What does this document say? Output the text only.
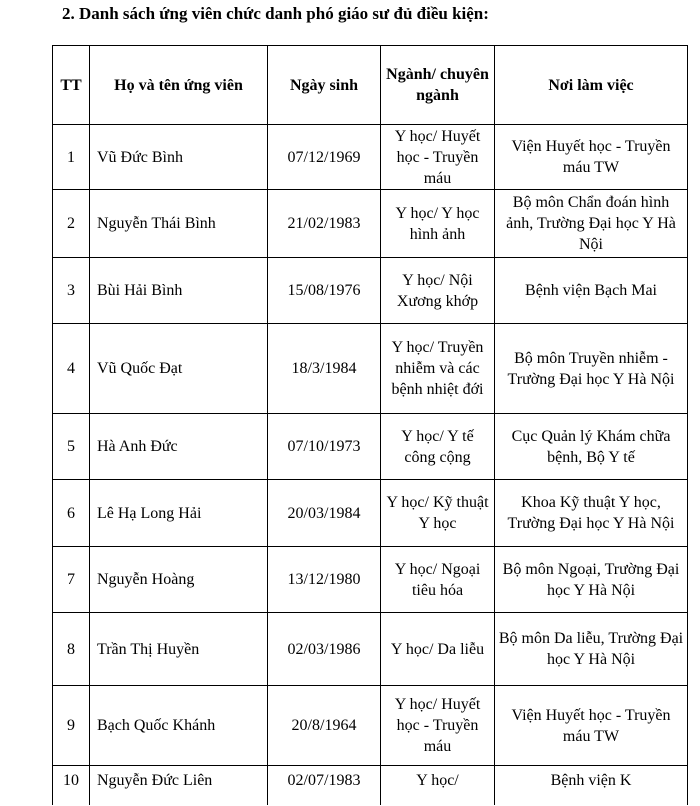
2. Danh sách ứng viên chức danh phó giáo sư đủ điều kiện:
TT	Họ và tên ứng viên	Ngày sinh	Ngành/ chuyên ngành	Nơi làm việc
1	Vũ Đức Bình	07/12/1969	Y học/ Huyết học - Truyền máu	Viện Huyết học - Truyền máu TW
2	Nguyễn Thái Bình	21/02/1983	Y học/ Y học hình ảnh	Bộ môn Chẩn đoán hình ảnh, Trường Đại học Y Hà Nội
3	Bùi Hải Bình	15/08/1976	Y học/ Nội Xương khớp	Bệnh viện Bạch Mai
4	Vũ Quốc Đạt	18/3/1984	Y học/ Truyền nhiễm và các bệnh nhiệt đới	Bộ môn Truyền nhiễm - Trường Đại học Y Hà Nội
5	Hà Anh Đức	07/10/1973	Y học/ Y tế công cộng	Cục Quản lý Khám chữa bệnh, Bộ Y tế
6	Lê Hạ Long Hải	20/03/1984	Y học/ Kỹ thuật Y học	Khoa Kỹ thuật Y học, Trường Đại học Y Hà Nội
7	Nguyễn Hoàng	13/12/1980	Y học/ Ngoại tiêu hóa	Bộ môn Ngoại, Trường Đại học Y Hà Nội
8	Trần Thị Huyền	02/03/1986	Y học/ Da liễu	Bộ môn Da liễu, Trường Đại học Y Hà Nội
9	Bạch Quốc Khánh	20/8/1964	Y học/ Huyết học - Truyền máu	Viện Huyết học - Truyền máu TW
10	Nguyễn Đức Liên	02/07/1983	Y học/	Bệnh viện K
